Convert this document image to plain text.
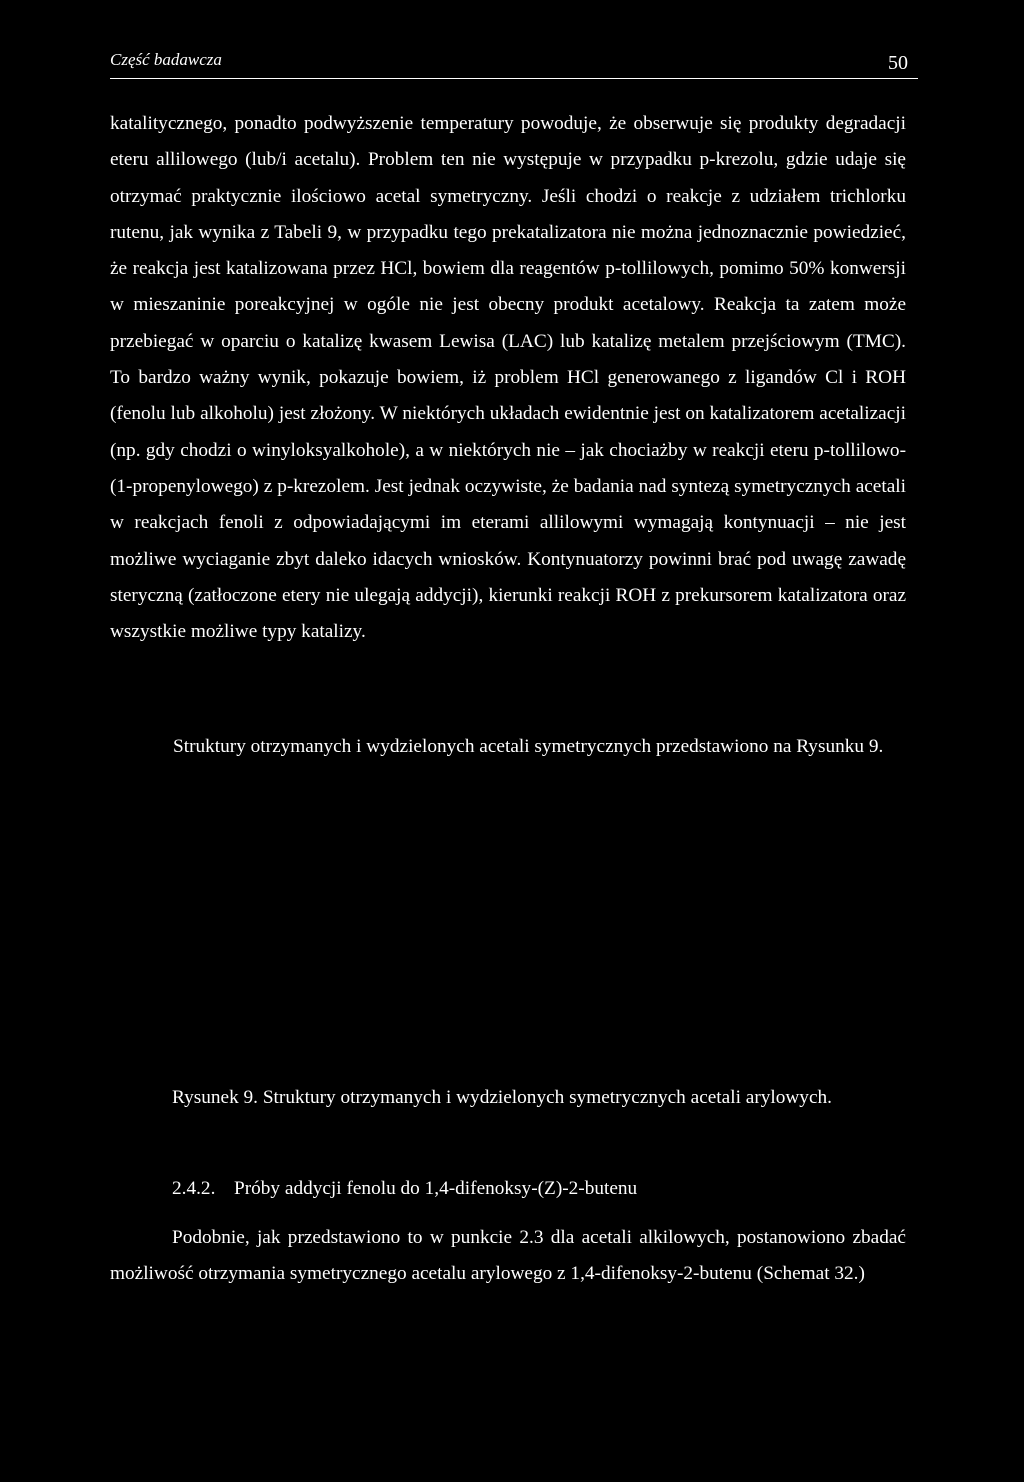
Część badawcza	50

katalitycznego, ponadto podwyższenie temperatury powoduje, że obserwuje się produkty degradacji eteru allilowego (lub/i acetalu). Problem ten nie występuje w przypadku p-krezolu, gdzie udaje się otrzymać praktycznie ilościowo acetal symetryczny. Jeśli chodzi o reakcje z udziałem trichlorku rutenu, jak wynika z Tabeli 9, w przypadku tego prekatalizatora nie można jednoznacznie powiedzieć, że reakcja jest katalizowana przez HCl, bowiem dla reagentów p-tollilowych, pomimo 50% konwersji w mieszaninie poreakcyjnej w ogóle nie jest obecny produkt acetalowy. Reakcja ta zatem może przebiegać w oparciu o katalizę kwasem Lewisa (LAC) lub katalizę metalem przejściowym (TMC). To bardzo ważny wynik, pokazuje bowiem, iż problem HCl generowanego z ligandów Cl i ROH (fenolu lub alkoholu) jest złożony. W niektórych układach ewidentnie jest on katalizatorem acetalizacji (np. gdy chodzi o winyloksyalkohole), a w niektórych nie – jak chociażby w reakcji eteru p-tollilowo-(1-propenylowego) z p-krezolem. Jest jednak oczywiste, że badania nad syntezą symetrycznych acetali w reakcjach fenoli z odpowiadającymi im eterami allilowymi wymagają kontynuacji – nie jest możliwe wyciaganie zbyt daleko idacych wniosków. Kontynuatorzy powinni brać pod uwagę zawadę steryczną (zatłoczone etery nie ulegają addycji), kierunki reakcji ROH z prekursorem katalizatora oraz wszystkie możliwe typy katalizy.

Struktury otrzymanych i wydzielonych acetali symetrycznych przedstawiono na Rysunku 9.

Rysunek 9. Struktury otrzymanych i wydzielonych symetrycznych acetali arylowych.
2.4.2. Próby addycji fenolu do 1,4-difenoksy-(Z)-2-butenu

Podobnie, jak przedstawiono to w punkcie 2.3 dla acetali alkilowych, postanowiono zbadać możliwość otrzymania symetrycznego acetalu arylowego z 1,4-difenoksy-2-butenu (Schemat 32.)
